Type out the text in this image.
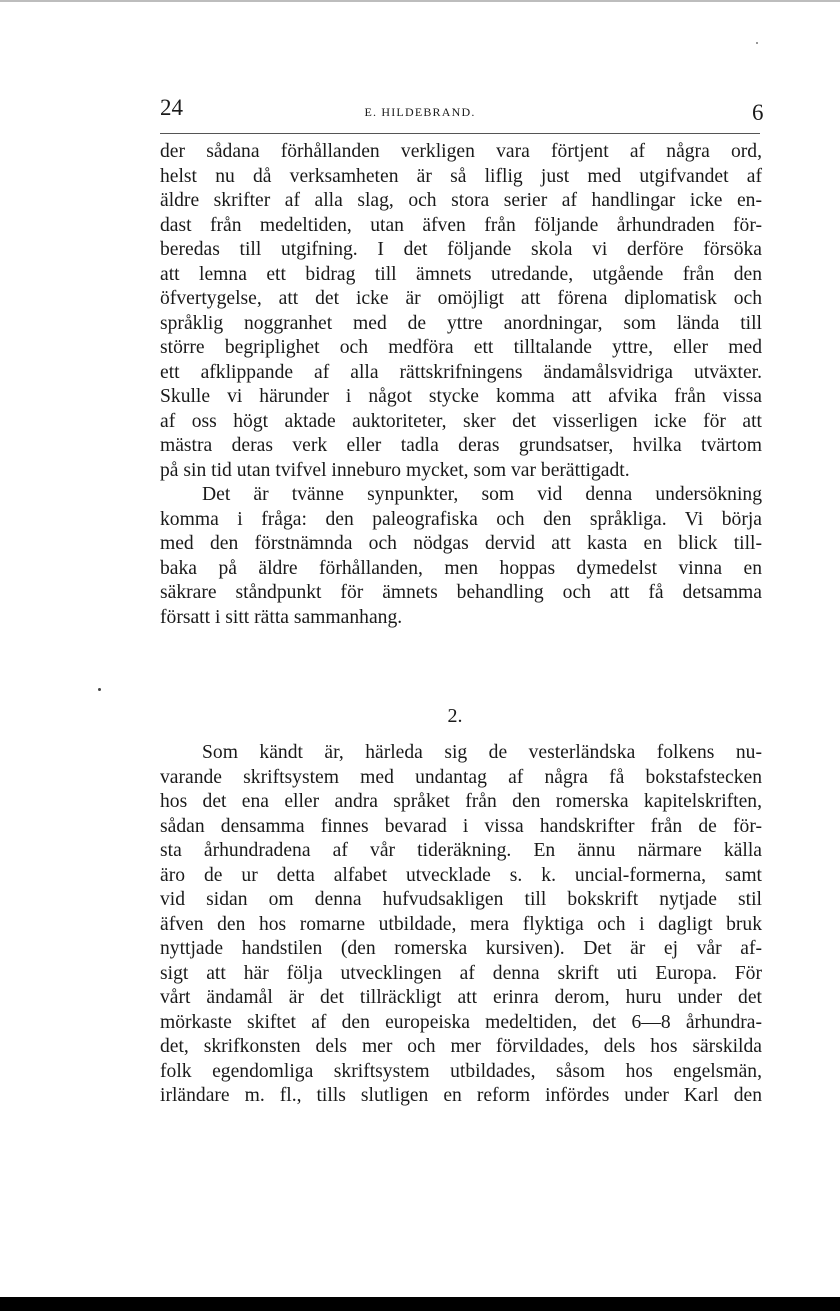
24	E. HILDEBRAND.	6
der sådana förhållanden verkligen vara förtjent af några ord,
helst nu då verksamheten är så liflig just med utgifvandet af
äldre skrifter af alla slag, och stora serier af handlingar icke en-
dast från medeltiden, utan äfven från följande århundraden för-
beredas till utgifning. I det följande skola vi derföre försöka
att lemna ett bidrag till ämnets utredande, utgående från den
öfvertygelse, att det icke är omöjligt att förena diplomatisk och
språklig noggranhet med de yttre anordningar, som lända till
större begriplighet och medföra ett tilltalande yttre, eller med
ett afklippande af alla rättskrifningens ändamålsvidriga utväxter.
Skulle vi härunder i något stycke komma att afvika från vissa
af oss högt aktade auktoriteter, sker det visserligen icke för att
mästra deras verk eller tadla deras grundsatser, hvilka tvärtom
på sin tid utan tvifvel inneburo mycket, som var berättigadt.
Det är tvänne synpunkter, som vid denna undersökning
komma i fråga: den paleografiska och den språkliga. Vi börja
med den förstnämnda och nödgas dervid att kasta en blick till-
baka på äldre förhållanden, men hoppas dymedelst vinna en
säkrare ståndpunkt för ämnets behandling och att få detsamma
försatt i sitt rätta sammanhang.
2.
Som kändt är, härleda sig de vesterländska folkens nu-
varande skriftsystem med undantag af några få bokstafstecken
hos det ena eller andra språket från den romerska kapitelskriften,
sådan densamma finnes bevarad i vissa handskrifter från de för-
sta århundradena af vår tideräkning. En ännu närmare källa
äro de ur detta alfabet utvecklade s. k. uncial-formerna, samt
vid sidan om denna hufvudsakligen till bokskrift nytjade stil
äfven den hos romarne utbildade, mera flyktiga och i dagligt bruk
nyttjade handstilen (den romerska kursiven). Det är ej vår af-
sigt att här följa utvecklingen af denna skrift uti Europa. För
vårt ändamål är det tillräckligt att erinra derom, huru under det
mörkaste skiftet af den europeiska medeltiden, det 6—8 århundra-
det, skrifkonsten dels mer och mer förvildades, dels hos särskilda
folk egendomliga skriftsystem utbildades, såsom hos engelsmän,
irländare m. fl., tills slutligen en reform infördes under Karl den
